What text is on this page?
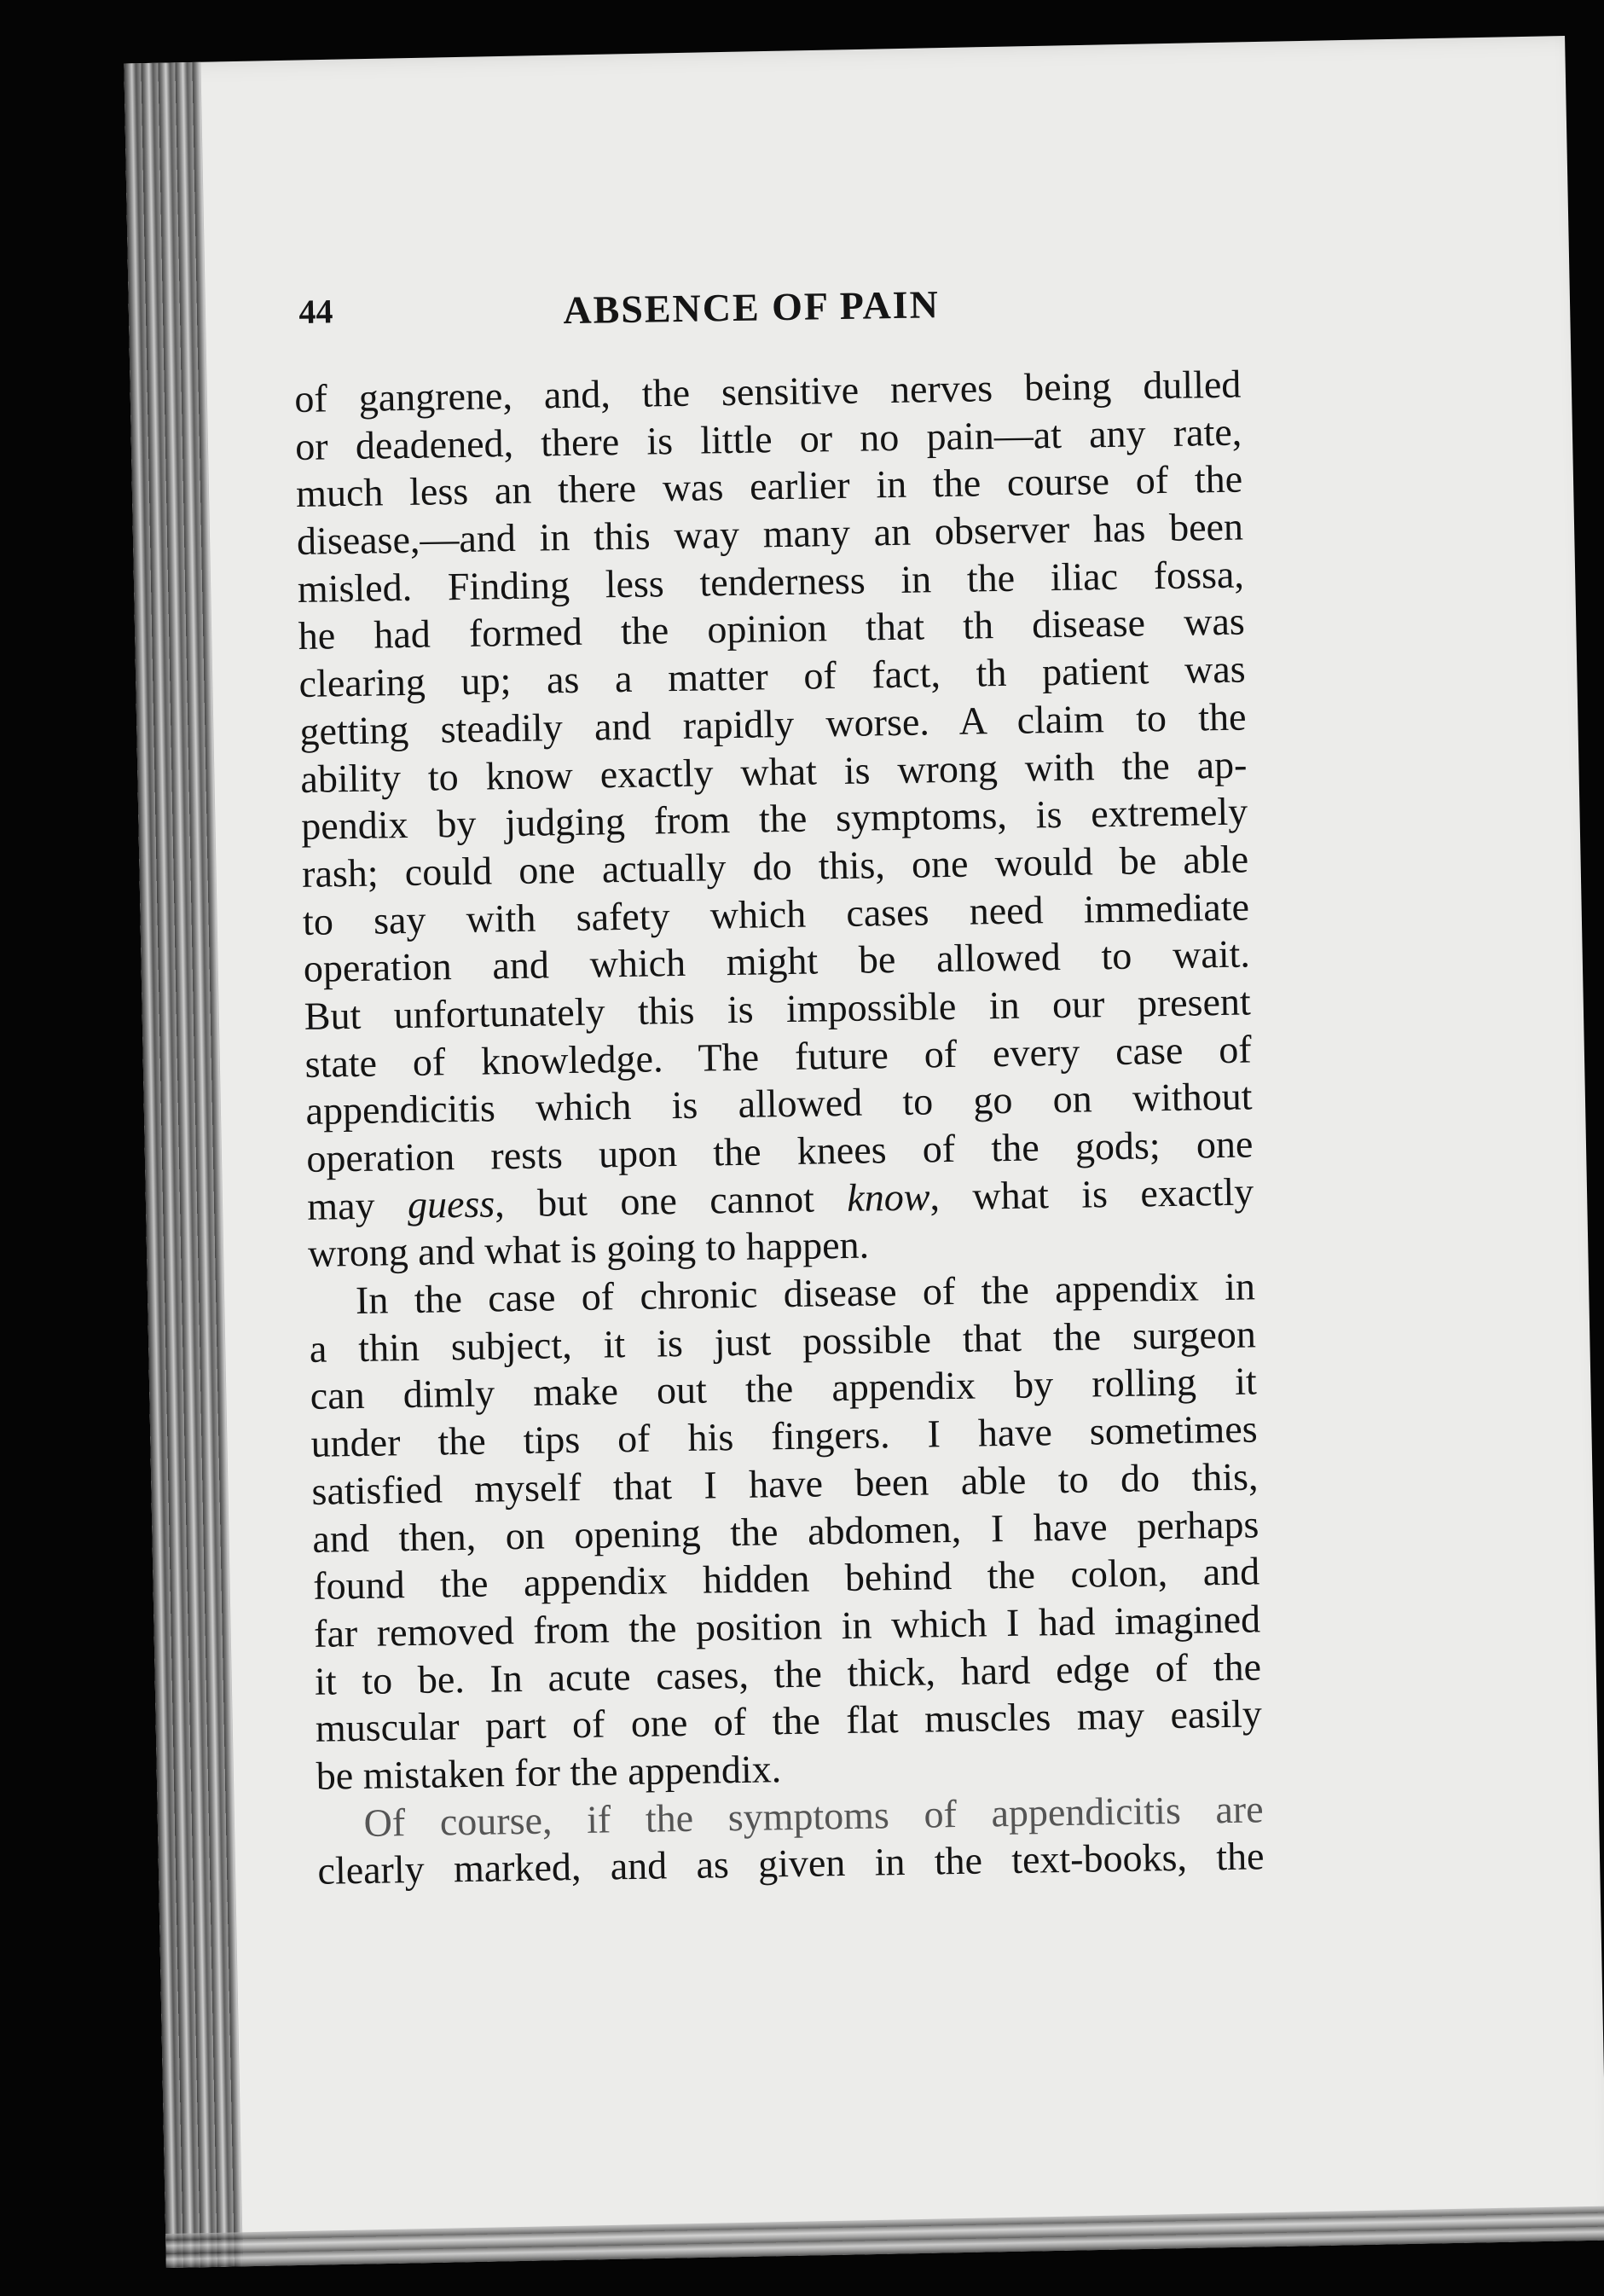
44	ABSENCE OF PAIN
of gangrene, and, the sensitive nerves being dulled
or deadened, there is little or no pain—at any rate,
much less an there was earlier in the course of the
disease,—and in this way many an observer has been
misled. Finding less tenderness in the iliac fossa,
he had formed the opinion that th disease was
clearing up; as a matter of fact, th patient was
getting steadily and rapidly worse. A claim to the
ability to know exactly what is wrong with the ap-
pendix by judging from the symptoms, is extremely
rash; could one actually do this, one would be able
to say with safety which cases need immediate
operation and which might be allowed to wait.
But unfortunately this is impossible in our present
state of knowledge. The future of every case of
appendicitis which is allowed to go on without
operation rests upon the knees of the gods; one
may guess, but one cannot know, what is exactly
wrong and what is going to happen.
In the case of chronic disease of the appendix in
a thin subject, it is just possible that the surgeon
can dimly make out the appendix by rolling it
under the tips of his fingers. I have sometimes
satisfied myself that I have been able to do this,
and then, on opening the abdomen, I have perhaps
found the appendix hidden behind the colon, and
far removed from the position in which I had imagined
it to be. In acute cases, the thick, hard edge of the
muscular part of one of the flat muscles may easily
be mistaken for the appendix.
Of course, if the symptoms of appendicitis are
clearly marked, and as given in the text-books, the
